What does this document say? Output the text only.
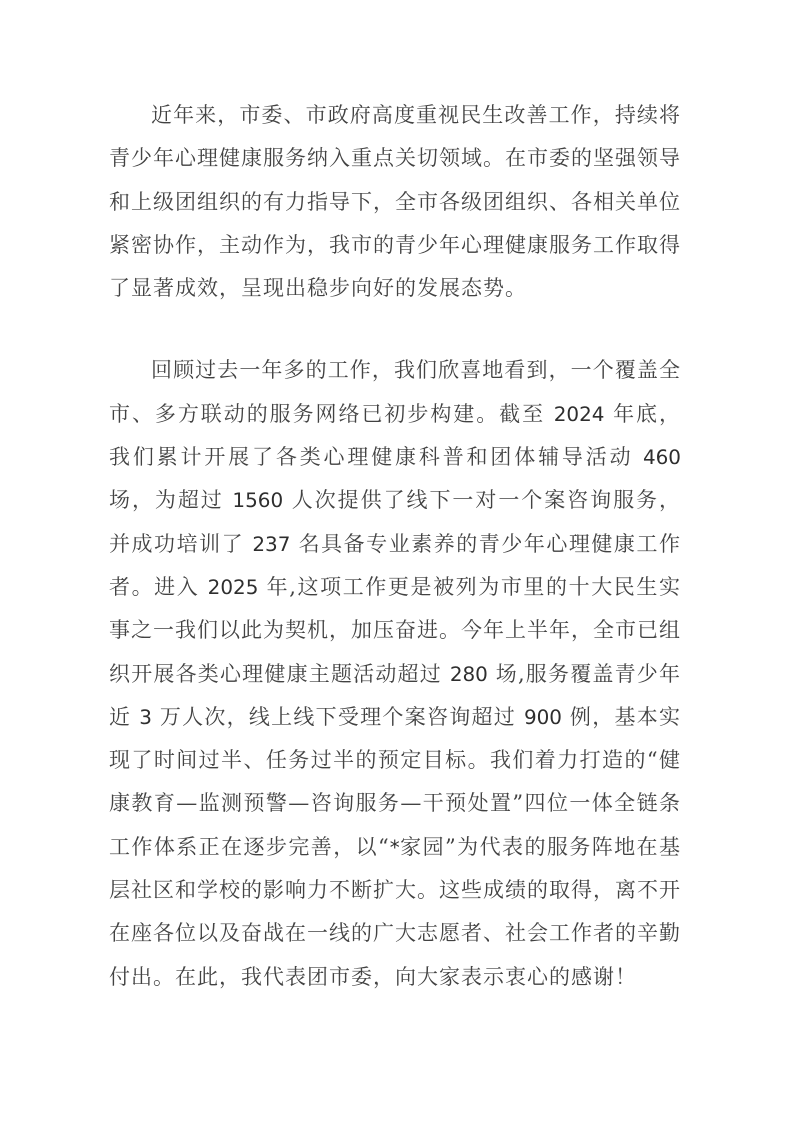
近年来，市委、市政府高度重视民生改善工作，持续将青少年心理健康服务纳入重点关切领域。在市委的坚强领导和上级团组织的有力指导下，全市各级团组织、各相关单位紧密协作，主动作为，我市的青少年心理健康服务工作取得了显著成效，呈现出稳步向好的发展态势。

回顾过去一年多的工作，我们欣喜地看到，一个覆盖全市、多方联动的服务网络已初步构建。截至 2024 年底，我们累计开展了各类心理健康科普和团体辅导活动 460 场，为超过 1560 人次提供了线下一对一个案咨询服务，并成功培训了 237 名具备专业素养的青少年心理健康工作者。进入 2025 年,这项工作更是被列为市里的十大民生实事之一我们以此为契机，加压奋进。今年上半年，全市已组织开展各类心理健康主题活动超过 280 场,服务覆盖青少年近 3 万人次，线上线下受理个案咨询超过 900 例，基本实现了时间过半、任务过半的预定目标。我们着力打造的“健康教育—监测预警—咨询服务—干预处置”四位一体全链条工作体系正在逐步完善，以“*家园”为代表的服务阵地在基层社区和学校的影响力不断扩大。这些成绩的取得，离不开在座各位以及奋战在一线的广大志愿者、社会工作者的辛勤付出。在此，我代表团市委，向大家表示衷心的感谢！
